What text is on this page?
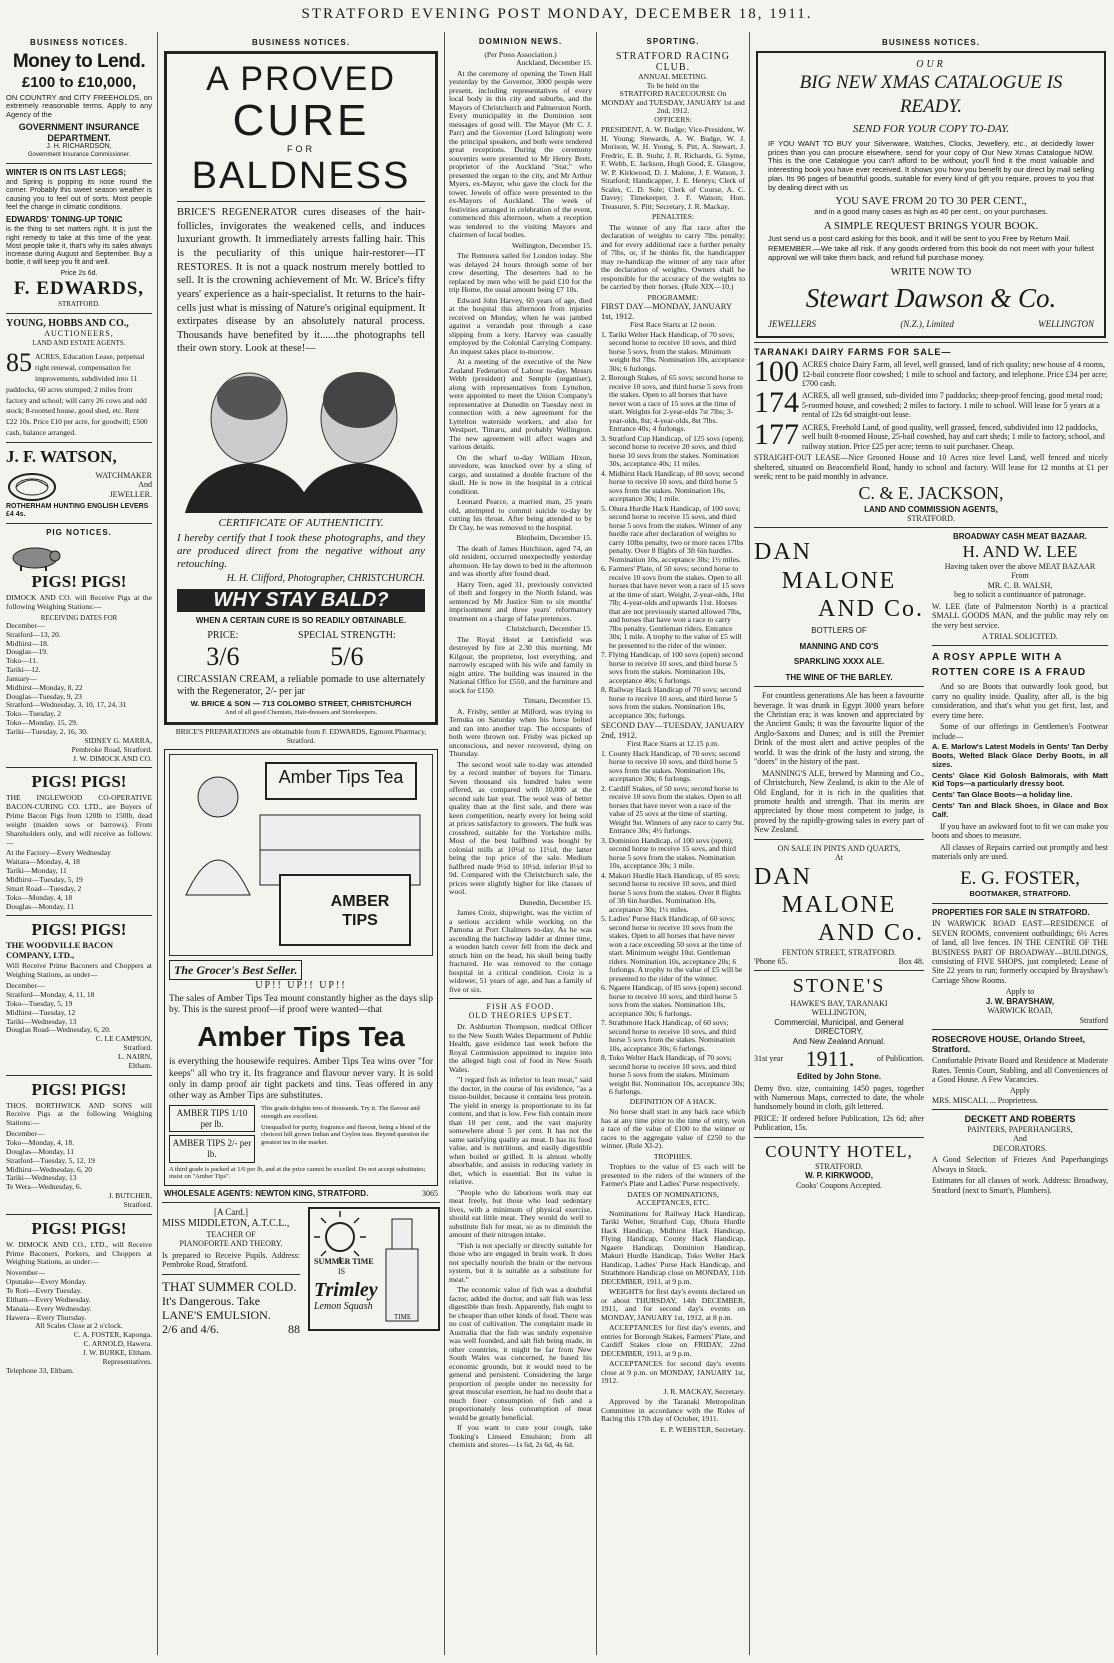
STRATFORD EVENING POST MONDAY, DECEMBER 18, 1911.
BUSINESS NOTICES.
Money to Lend.
£100 to £10,000,

ON COUNTRY and CITY FREEHOLDS, on extremely reasonable terms. Apply to any Agency of the

GOVERNMENT INSURANCE DEPARTMENT.
J. H. RICHARDSON,
Government Insurance Commissioner.
WINTER IS ON ITS LAST LEGS;

and Spring is popping its nose round the corner. Probably this sweet season weather is causing you to feel out of sorts. Most people feel the change in climatic conditions.

EDWARDS' TONING-UP TONIC

is the thing to set matters right. It is just the right remedy to take at this time of the year. Most people take it, that's why its sales always increase during August and September. Buy a bottle, it will keep you fit and well.

Price 2s 6d.
F. EDWARDS,
STRATFORD.
YOUNG, HOBBS AND CO.,
AUCTIONEERS,
LAND AND ESTATE AGENTS.
85 ACRES, Education Lease, perpetual right renewal, compensation for improvements, subdivided into 11 paddocks, 60 acres stumped; 2 miles from factory and school; will carry 26 cows and odd stock; 8-roomed house, good shed, etc. Rent £22 10s. Price £10 per acre, for goodwill; £500 cash, balance arranged.
J. F. WATSON,
WATCHMAKER
And
JEWELLER.
ROTHERHAM HUNTING ENGLISH LEVERS £4 4s.
PIG NOTICES.
PIGS! PIGS!

DIMOCK AND CO. will Receive Pigs at the following Weighing Stations:—

RECEIVING DATES FOR
December—
Stratford—13, 20.
Midhirst—18.
Douglas—19.
Toko—11.
Tariki—12.
January—
Midhirst—Monday, 8, 22
Douglas—Tuesday, 9, 23
Stratford—Wednesday, 3, 10, 17, 24, 31
Toko—Tuesday, 2
Toko—Monday, 15, 29.
Tariki—Tuesday, 2, 16, 30.
SIDNEY G. MARRA,
Pembroke Road, Stratford.
J. W. DIMOCK AND CO.
PIGS! PIGS!

THE INGLEWOOD CO-OPERATIVE BACON-CURING CO. LTD., are Buyers of Prime Bacon Pigs from 120lb to 150lb, dead weight (maiden sows or barrows). From Shareholders only, and will receive as follows:—

At the Factory—Every Wednesday
Waitara—Monday, 4, 18
Tariki—Monday, 11
Midhirst—Tuesday, 5, 19
Smart Road—Tuesday, 2
Toko—Monday, 4, 18
Douglas—Monday, 11
PIGS! PIGS!
THE WOODVILLE BACON COMPANY, LTD.,

Will Receive Prime Baconers and Choppers at Weighing Stations, as under—

December—
Stratford—Monday, 4, 11, 18
Toko—Tuesday, 5, 19
Midhirst—Tuesday, 12
Tariki—Wednesday, 13
Douglas Road—Wednesday, 6, 20.
C. LE CAMPION,
Stratford.
L. NAIRN,
Eltham.
PIGS! PIGS!

THOS. BORTHWICK AND SONS will Receive Pigs at the following Weighing Stations:—

December—
Toko—Monday, 4, 18.
Douglas—Monday, 11
Stratford—Tuesday, 5, 12, 19
Midhirst—Wednesday, 6, 20
Tariki—Wednesday, 13
Te Wera—Wednesday, 6.
J. BUTCHER,
Stratford.
PIGS! PIGS!

W. DIMOCK AND CO., LTD., will Receive Prime Baconers, Porkers, and Choppers at Weighing Stations, as under:—

November—
Opunake—Every Monday.
Te Roti—Every Tuesday.
Eltham—Every Wednesday.
Manaia—Every Wednesday.
Hawera—Every Thursday.
All Scales Close at 2 o'clock.
C. A. FOSTER, Kaponga.
C. ARNOLD, Hawera.
J. W. BURKE, Eltham.
Representatives.
Telephone 33, Eltham.
BUSINESS NOTICES.
A PROVED
CURE
FOR
BALDNESS

BRICE'S REGENERATOR cures diseases of the hair-follicles, invigorates the weakened cells, and induces luxuriant growth. It immediately arrests falling hair. This is the peculiarity of this unique hair-restorer—IT RESTORES. It is not a quack nostrum merely bottled to sell. It is the crowning achievement of Mr. W. Brice's fifty years' experience as a hair-specialist. It returns to the hair-cells just what is missing of Nature's original equipment. It extirpates disease by an absolutely natural process. Thousands have benefited by it......the photographs tell their own story. Look at these!—

CERTIFICATE OF AUTHENTICITY.

I hereby certify that I took these photographs, and they are produced direct from the negative without any retouching.

H. H. Clifford, Photographer, CHRISTCHURCH.
WHY STAY BALD?
WHEN A CERTAIN CURE IS SO READILY OBTAINABLE.
PRICE:
3/6
SPECIAL STRENGTH:
5/6

CIRCASSIAN CREAM, a reliable pomade to use alternately with the Regenerator, 2/- per jar

W. BRICE & SON — 713 COLOMBO STREET, CHRISTCHURCH
And of all good Chemists, Hair-dressers and Storekeepers.
BRICE'S PREPARATIONS are obtainable from F. EDWARDS, Egmont Pharmacy, Stratford.
Amber Tips Tea
AMBER TIPS
The Grocer's Best Seller.
UP!! UP!! UP!!

The sales of Amber Tips Tea mount constantly higher as the days slip by. This is the surest proof—if proof were wanted—that

Amber Tips Tea

is everything the housewife requires. Amber Tips Tea wins over "for keeps" all who try it. Its fragrance and flavour never vary. It is sold only in damp proof air tight packets and tins. Teas offered in any other way as Amber Tips are substitutes.

AMBER TIPS 1/10 per lb.
AMBER TIPS 2/- per lb.
This grade delights tens of thousands. Try it. The flavour and strength are excellent.
Unequalled for purity, fragrance and flavour, being a blend of the choicest hill grown Indian and Ceylon teas. Beyond question the greatest tea in the market.
A third grade is packed at 1/6 per lb, and at the price cannot be excelled. Do not accept substitutes; insist on "Amber Tips".
WHOLESALE AGENTS: NEWTON KING, STRATFORD.	3065
[A Card.]
MISS MIDDLETON, A.T.C.L.,
TEACHER OF
PIANOFORTE AND THEORY.

Is prepared to Receive Pupils. Address: Pembroke Road, Stratford.

THAT SUMMER COLD.
It's Dangerous. Take LANE'S EMULSION.
2/6 and 4/6.	88
SUMMER TIME
IS
Trimley
Lemon Squash
TIME
DOMINION NEWS.
(Per Press Association.)
Auckland, December 15.

At the ceremony of opening the Town Hall yesterday by the Governor, 3000 people were present, including representatives of every local body in this city and suburbs, and the Mayors of Christchurch and Palmerston North. Every municipality in the Dominion sent messages of good will. The Mayor (Mr C. J. Parr) and the Governor (Lord Islington) were the principal speakers, and both were tendered great receptions. During the ceremony souvenirs were presented to Mr Henry Brett, proprietor of the Auckland "Star," who presented the organ to the city, and Mr Arthur Myers, ex-Mayor, who gave the clock for the tower. Jewels of office were presented to the ex-Mayors of Auckland. The week of festivities arranged in celebration of the event, commenced this afternoon, when a reception was tendered to the visiting Mayors and chairmen of local bodies.

Wellington, December 15.

The Remuera sailed for London today. She was delayed 24 hours through some of her crew deserting. The deserters had to be replaced by men who will be paid £10 for the trip Home, the usual amount being £7 10s.

Edward John Harvey, 60 years of age, died at the hospital this afternoon from injuries received on Monday, when he was jambed against a verandah post through a case slipping from a lorry. Harvey was casually employed by the Colonial Carrying Company. An inquest takes place to-morrow.

At a meeting of the executive of the New Zealand Federation of Labour to-day, Messrs Webb (president) and Semple (organiser), along with representatives from Lyttelton, were appointed to meet the Union Company's representative at Dunedin on Tuesday next in connection with a new agreement for the Lyttelton waterside workers, and also for Westport, Timaru, and probably Wellington. The new agreement will affect wages and various details.

On the wharf to-day William Hixon, stevedore, was knocked over by a sling of cargo, and sustained a double fracture of the skull. He is now in the hospital in a critical condition.

Leonard Pearce, a married man, 25 years old, attempted to commit suicide to-day by cutting his throat. After being attended to by Dr Clay, he was removed to the hospital.

Blenheim, December 15.

The death of James Hutchison, aged 74, an old resident, occurred unexpectedly yesterday afternoon. He lay down to bed in the afternoon and was shortly after found dead.

Harry Teen, aged 31, previously convicted of theft and forgery in the North Island, was sentenced by Mr Justice Sim to six months' imprisonment and three years' reformatory treatment on a charge of false pretences.

Christchurch, December 15.

The Royal Hotel at Lettisfield was destroyed by fire at 2.30 this morning. Mr Kilgour, the proprietor, lost everything, and narrowly escaped with his wife and family in night attire. The building was insured in the National Office for £550, and the furniture and stock for £150.

Timaru, December 15.

A. Frisby, settler at Milford, was trying to Temuka on Saturday when his horse bolted and ran into another trap. The occupants of both were thrown out. Frisby was picked up unconscious, and never recovered, dying on Thursday.

The second wool sale to-day was attended by a record number of buyers for Timaru. Seven thousand six hundred bales were offered, as compared with 10,000 at the second sale last year. The wool was of better quality than at the first sale, and there was keen competition, nearly every lot being sold at prices satisfactory to growers. The bulk was crossbred, suitable for the Yorkshire mills. Most of the best halfbred was bought by colonial mills at 10½d to 11½d, the latter being the top price of the sale. Medium halfbred made 9½d to 10½d, inferior 8½d to 9d. Compared with the Christchurch sale, the prices were slightly higher for like classes of wool.

Dunedin, December 15.

James Croiz, shipwright, was the victim of a serious accident while working on the Pamona at Port Chalmers to-day. As he was ascending the hatchway ladder at dinner time, a wooden hatch cover fell from the deck and struck him on the head, his skull being badly fractured. He was removed to the cottage hospital in a critical condition. Croiz is a widower, 51 years of age, and has a family of five or six.

FISH AS FOOD.
OLD THEORIES UPSET.

Dr. Ashburton Thompson, medical Officer to the New South Wales Department of Public Health, gave evidence last week before the Royal Commission appointed to inquire into the alleged high cost of food in New South Wales.

"I regard fish as inferior to lean meat," said the doctor, in the course of his evidence, "as a tissue-builder, because it contains less protein. The yield in energy is proportionate to its fat content, and that is low. Few fish contain more than 10 per cent, and the vast majority somewhere about 5 per cent. It has not the same satisfying quality as meat. It has its food value, and is nutritious, and easily digestible when boiled or grilled. It is almost wholly absorbable, and assists in reducing variety in diet, which is essential. But its value is relative.

"People who do laborious work may eat meat freely, but those who lead sedentary lives, with a minimum of physical exercise, should eat little meat. They would do well to substitute fish for meat, so as to diminish the amount of their nitrogen intake.

"Fish is not specially or directly suitable for those who are engaged in brain work. It does not specially nourish the brain or the nervous system, but it is suitable as a substitute for meat."

The economic value of fish was a doubtful factor, added the doctor, and salt fish was less digestible than fresh. Apparently, fish ought to be cheaper than other kinds of food. There was no cost of cultivation. The complaint made in Australia that the fish was unduly expensive was well founded, and salt fish being made, in other countries, it might be far from New South Wales was concerned, he based his economic grounds, but it would need to be general and persistent. Considering the large proportion of people under no necessity for great muscular exertion, he had no doubt that a much freer consumption of fish and a proportionately less consumption of meat would be greatly beneficial.

If you want to cure your cough, take Tonking's Linseed Emulsion; from all chemists and stores—1s 6d, 2s 6d, 4s 6d.

SPORTING.
STRATFORD RACING CLUB.
ANNUAL MEETING.
To be held on the
STRATFORD RACECOURSE On
MONDAY and TUESDAY, JANUARY 1st and 2nd, 1912.
OFFICERS:

PRESIDENT, A. W. Budge; Vice-President, W. H. Young; Stewards, A. W. Budge, W. J. Morison, W. H. Young, S. Pitt, A. Stewart, J. Fredric, E. B. Stohr, J. R. Richards, G. Syme, F. Webb, E. Jackson, Hugh Good, E. Glasgow, W. P. Kirkwood, D. J. Malone, J. F. Watson, J. Stratford; Handicapper, J. E. Henrys; Clerk of Scales, C. D. Sole; Clerk of Course, A. C. Davey; Timekeeper, J. F. Watson; Hon. Treasurer, S. Pitt; Secretary, J. R. Mackay.

PENALTIES:

The winner of any flat race after the declaration of weights to carry 7lbs penalty; and for every additional race a further penalty of 7lbs, or, if he thinks fit, the handicapper may re-handicap the winner of any race after the declaration of weights. Owners shall be responsible for the accuracy of the weights to be carried by their horses. (Rule XIX—10.)

PROGRAMME:
FIRST DAY—MONDAY, JANUARY 1st, 1912.
First Race Starts at 12 noon.
1. Tariki Welter Hack Handicap, of 70 sovs; second horse to receive 10 sovs, and third horse 5 sovs, from the stakes. Minimum weight 8st 7lbs. Nomination 10s, acceptance 30s; 6 furlongs.
2. Borough Stakes, of 65 sovs; second horse to receive 10 sovs, and third horse 5 sovs from the stakes. Open to all horses that have never won a race of 15 sovs at the time of start. Weights for 2-year-olds 7st 7lbs; 3-year-olds, 8st; 4-year-olds, 8st 7lbs. Entrance 40s; 4 furlongs.
3. Stratford Cup Handicap, of 125 sovs (open); second horse to receive 20 sovs, and third horse 10 sovs from the stakes. Nomination 30s, acceptance 40s; 11 miles.
4. Midhirst Hack Handicap, of 80 sovs; second horse to receive 10 sovs, and third horse 5 sovs from the stakes. Nomination 10s, acceptance 30s; 1 mile.
5. Ohura Hurdle Hack Handicap, of 100 sovs; second horse to receive 15 sovs, and third horse 5 sovs from the stakes. Winner of any hurdle race after declaration of weights to carry 10lbs penalty, two or more races 17lbs penalty. Over 8 flights of 3ft 6in hurdles. Nomination 10s, acceptance 30s; 1½ miles.
6. Farmers' Plate, of 50 sovs; second horse to receive 10 sovs from the stakes. Open to all horses that have never won a race of 15 sovs at the time of start. Weight, 2-year-olds, 10st 7lb; 4-year-olds and upwards 11st. Horses that are not previously started allowed 7lbs, and horses that have won a race to carry 7lbs penalty. Gentleman riders. Entrance 30s; 1 mile. A trophy to the value of £5 will be presented to the rider of the winner.
7. Flying Handicap, of 100 sovs (open) second horse to receive 10 sovs, and third horse 5 sovs from the stakes. Nomination 10s, acceptance 40s; 6 furlongs.
8. Railway Hack Handicap of 70 sovs; second horse to receive 10 sovs, and third horse 5 sovs from the stakes. Nomination 10s, acceptance 30s; furlongs.
SECOND DAY—TUESDAY, JANUARY 2nd, 1912.
First Race Starts at 12.15 p.m.
1. County Hack Handicap, of 70 sovs; second horse to receive 10 sovs, and third horse 5 sovs from the stakes. Nomination 10s, acceptance 30s; 6 furlongs.
2. Cardiff Stakes, of 50 sovs; second horse to receive 10 sovs from the stakes. Open to all horses that have never won a race of the value of 25 sovs at the time of starting. Weight 9st. Winners of any race to carry 9st. Entrance 30s; 4½ furlongs.
3. Dominion Handicap, of 100 sovs (open); second horse to receive 15 sovs, and third horse 5 sovs from the stakes. Nomination 10s, acceptance 30s; 1 mile.
4. Makuri Hurdle Hack Handicap, of 85 sovs; second horse to receive 10 sovs, and third horse 5 sovs from the stakes. Over 8 flights of 3ft 6in hurdles. Nomination 10s, acceptance 30s; 1½ miles.
5. Ladies' Purse Hack Handicap, of 60 sovs; second horse to receive 10 sovs from the stakes. Open to all horses that have never won a race exceeding 50 sovs at the time of start. Minimum weight 10st. Gentleman riders. Nomination 10s, acceptance 20s; 6 furlongs. A trophy to the value of £5 will be presented to the rider of the winner.
6. Ngaere Handicap, of 85 sovs (open) second horse to receive 10 sovs, and third horse 5 sovs from the stakes. Nomination 10s, acceptance 30s; 6 furlongs.
7. Strathmore Hack Handicap, of 60 sovs; second horse to receive 10 sovs, and third horse 5 sovs from the stakes. Nomination 10s, acceptance 30s; 6 furlongs.
8. Toko Welter Hack Handicap, of 70 sovs; second horse to receive 10 sovs, and third horse 5 sovs from the stakes. Minimum weight 8st. Nomination 10s, acceptance 30s; 6 furlongs.
DEFINITION OF A HACK.

No horse shall start in any hack race which has at any time prior to the time of entry, won a race of the value of £100 to the winner or races to the aggregate value of £250 to the winner. (Rule XI-2).

TROPHIES.

Trophies to the value of £5 each will be presented to the riders of the winners of the Farmer's Plate and Ladies' Purse respectively.

DATES OF NOMINATIONS, ACCEPTANCES, ETC.

Nominations for Railway Hack Handicap, Tariki Welter, Stratford Cup, Ohura Hurdle Hack Handicap, Midhirst Hack Handicap, Flying Handicap, County Hack Handicap, Ngaere Handicap, Dominion Handicap, Makuri Hurdle Handicap, Toko Welter Hack Handicap, Ladies' Purse Hack Handicap, and Strathmore Handicap close on MONDAY, 11th DECEMBER, 1911, at 9 p.m.

WEIGHTS for first day's events declared on or about THURSDAY, 14th DECEMBER, 1911, and for second day's events on MONDAY, JANUARY 1st, 1912, at 8 p.m.

ACCEPTANCES for first day's events, and entries for Borough Stakes, Farmers' Plate, and Cardiff Stakes close on FRIDAY, 22nd DECEMBER, 1911, at 9 p.m.

ACCEPTANCES for second day's events close at 9 p.m. on MONDAY, JANUARY 1st, 1912.

J. R. MACKAY, Secretary.

Approved by the Taranaki Metropolitan Committee in accordance with the Rules of Racing this 17th day of October, 1911.

E. P. WEBSTER, Secretary.
BUSINESS NOTICES.
OUR
BIG NEW XMAS CATALOGUE IS READY.
SEND FOR YOUR COPY TO-DAY.

IF YOU WANT TO BUY your Silverware, Watches, Clocks, Jewellery, etc., at decidedly lower prices than you can procure elsewhere, send for your copy of Our New Xmas Catalogue NOW. This is the one Catalogue you can't afford to be without; you'll find it the most valuable and interesting book you have ever received. It shows you how you benefit by our direct by mail selling plan. Its 96 pages of beautiful goods, suitable for every kind of gift you require, proves to you that by dealing direct with us

YOU SAVE FROM 20 TO 30 PER CENT.,
and in a good many cases as high as 40 per cent., on your purchases.
A SIMPLE REQUEST BRINGS YOUR BOOK.

Just send us a post card asking for this book, and it will be sent to you Free by Return Mail.

REMEMBER.—We take all risk. If any goods ordered from this book do not meet with your fullest approval we will take them back, and refund full purchase money.

WRITE NOW TO
Stewart Dawson & Co.
JEWELLERS	(N.Z.), Limited	WELLINGTON
TARANAKI DAIRY FARMS FOR SALE—
100 ACRES choice Dairy Farm, all level, well grassed, land of rich quality; new house of 4 rooms, 12-bail concrete floor cowshed; 1 mile to school and factory, and telephone. Price £34 per acre; £700 cash.
174 ACRES, all well grassed, sub-divided into 7 paddocks; sheep-proof fencing, good metal road; 5-roomed house, and cowshed; 2 miles to factory. 1 mile to school. Will lease for 5 years at a rental of 12s 6d straight-out lease.
177 ACRES, Freehold Land, of good quality, well grassed, fenced, subdivided into 12 paddocks, well built 8-roomed House, 25-bail cowshed, hay and cart sheds; 1 mile to factory, school, and railway station. Price £25 per acre; terms to suit purchaser. Cheap.

STRAIGHT-OUT LEASE—Nice Grooned House and 10 Acres nice level Land, well fenced and nicely sheltered, situated on Beaconsfield Road, handy to school and factory. Will lease for 12 months at £1 per week; rent to be paid monthly in advance.

C. & E. JACKSON,
LAND AND COMMISSION AGENTS,
STRATFORD.
DAN
MALONE
AND Co.
BOTTLERS OF
MANNING AND CO'S
SPARKLING XXXX ALE.
THE WINE OF THE BARLEY.

For countless generations Ale has been a favourite beverage. It was drunk in Egypt 3000 years before the Christian era; it was known and appreciated by the Ancient Gauls; it was the favourite liquor of the Anglo-Saxons and Danes; and is still the Premier Drink of the most alert and active peoples of the world. It was the drink of the lusty and strong, the "doers" in the history of the past.

MANNING'S ALE, brewed by Manning and Co., of Christchurch, New Zealand, is akin to the Ale of Old England, for it is rich in the qualities that promote health and strength. That its merits are appreciated by those most competent to judge, is proved by the rapidly-growing sales in every part of New Zealand.

ON SALE IN PINTS AND QUARTS,
At
DAN
MALONE
AND Co.
FENTON STREET, STRATFORD.
'Phone 65.	Box 48.
STONE'S
HAWKE'S BAY, TARANAKI
WELLINGTON,
Commercial, Municipal, and General DIRECTORY,
And New Zealand Annual.
31st year 1911.	of Publication.
Edited by John Stone.

Demy 8vo. size, containing 1450 pages, together with Numerous Maps, corrected to date, the whole handsomely bound in cloth, gilt lettered.

PRICE: If ordered before Publication, 12s 6d; after Publication, 15s.

COUNTY HOTEL,
STRATFORD.
W. P. KIRKWOOD,
Cooks' Coupons Accepted.
BROADWAY CASH MEAT BAZAAR.
H. AND W. LEE
Having taken over the above MEAT BAZAAR
From
MR. C. B. WALSH,
beg to solicit a continuance of patronage.

W. LEE (late of Palmerston North) is a practical SMALL GOODS MAN, and the public may rely on the very best service.

A TRIAL SOLICITED.
A ROSY APPLE WITH A ROTTEN CORE IS A FRAUD

And so are Boots that outwardly look good, but carry no quality inside. Quality, after all, is the big consideration, and that's what you get first, last, and every time here.

Some of our offerings in Gentlemen's Footwear include—

A. E. Marlow's Latest Models in Gents' Tan Derby Boots, Welted Black Glace Derby Boots, in all sizes.

Cents' Glace Kid Golosh Balmorals, with Matt Kid Tops—a particularly dressy boot.

Cents' Tan Glace Boots—a holiday line.

Cents' Tan and Black Shoes, in Glace and Box Calf.

If you have an awkward foot to fit we can make you boots and shoes to measure.

All classes of Repairs carried out promptly and best materials only are used.

E. G. FOSTER,
BOOTMAKER, STRATFORD.
PROPERTIES FOR SALE IN STRATFORD.

IN WARWICK ROAD EAST—RESIDENCE of SEVEN ROOMS, convenient outbuildings; 6½ Acres of land, all live fences. IN THE CENTRE OF THE BUSINESS PART OF BROADWAY—BUILDINGS, consisting of FIVE SHOPS, just completed; Lease of Site 22 years to run; formerly occupied by Brayshaw's Carriage Show Rooms.

Apply to
J. W. BRAYSHAW,
WARWICK ROAD,
Stratford
ROSECROVE HOUSE, Orlando Street, Stratford.

Comfortable Private Board and Residence at Moderate Rates. Tennis Court, Stabling, and all Conveniences of a Good House. A Few Vacancies.

Apply
MRS. MISCALL ... Proprietress.
DECKETT AND ROBERTS
PAINTERS, PAPERHANGERS,
And
DECORATORS.

A Good Selection of Friezes And Paperhangings Always in Stock.

Estimates for all classes of work. Address: Broadway, Stratford (next to Smart's, Plumbers).
